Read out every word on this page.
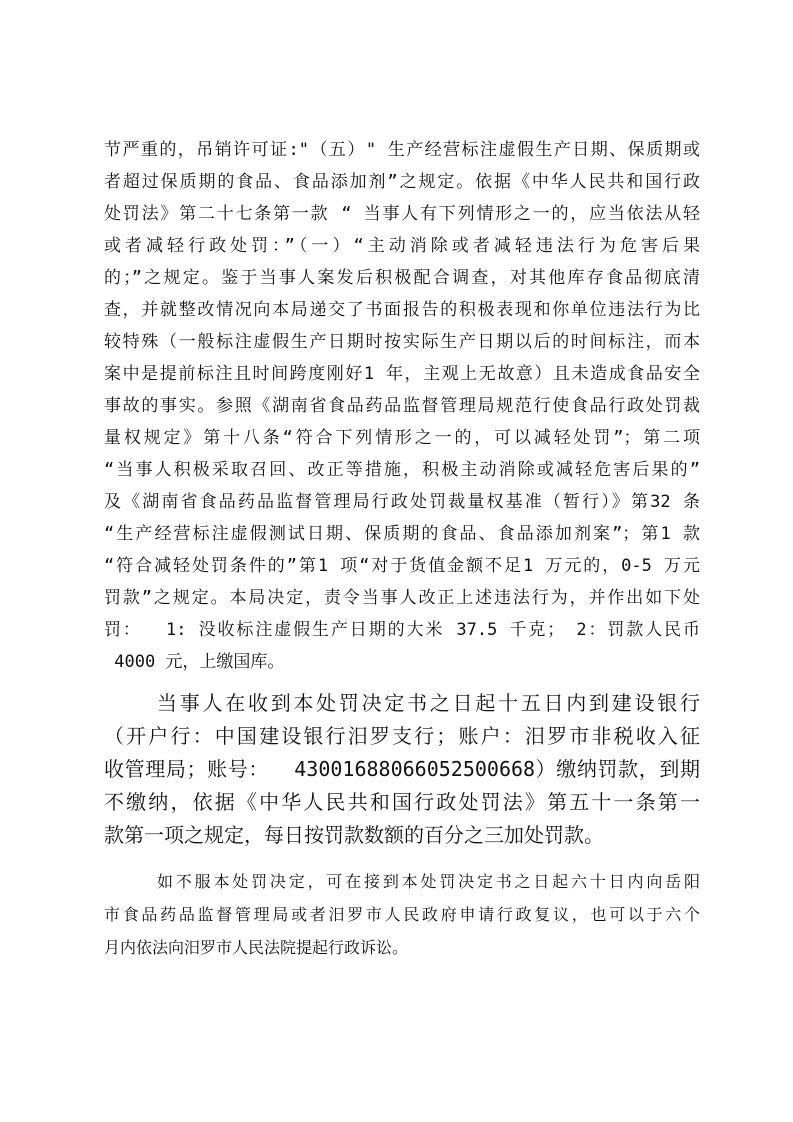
节严重的，吊销许可证:"（五）" 生产经营标注虚假生产日期、保质期或
者超过保质期的食品、食品添加剂”之规定。依据《中华人民共和国行政
处罚法》第二十七条第一款 “ 当事人有下列情形之一的，应当依法从轻
或者减轻行政处罚：”（一）“主动消除或者减轻违法行为危害后果
的；”之规定。鉴于当事人案发后积极配合调查，对其他库存食品彻底清
查，并就整改情况向本局递交了书面报告的积极表现和你单位违法行为比
较特殊（一般标注虚假生产日期时按实际生产日期以后的时间标注，而本
案中是提前标注且时间跨度刚好1 年，主观上无故意）且未造成食品安全
事故的事实。参照《湖南省食品药品监督管理局规范行使食品行政处罚裁
量权规定》第十八条“符合下列情形之一的，可以减轻处罚”；第二项
“当事人积极采取召回、改正等措施，积极主动消除或减轻危害后果的”
及《湖南省食品药品监督管理局行政处罚裁量权基准（暂行）》第32 条
“生产经营标注虚假测试日期、保质期的食品、食品添加剂案”；第1 款
“符合减轻处罚条件的”第1 项“对于货值金额不足1 万元的，0-5 万元
罚款”之规定。本局决定，责令当事人改正上述违法行为，并作出如下处
罚：  1: 没收标注虚假生产日期的大米 37.5 千克； 2：罚款人民币
4000 元，上缴国库。
当事人在收到本处罚决定书之日起十五日内到建设银行
（开户行：中国建设银行汨罗支行；账户：汨罗市非税收入征
收管理局；账号：  43001688066052500668）缴纳罚款，到期
不缴纳，依据《中华人民共和国行政处罚法》第五十一条第一
款第一项之规定，每日按罚款数额的百分之三加处罚款。
如不服本处罚决定，可在接到本处罚决定书之日起六十日内向岳阳
市食品药品监督管理局或者汨罗市人民政府申请行政复议，也可以于六个
月内依法向汨罗市人民法院提起行政诉讼。
